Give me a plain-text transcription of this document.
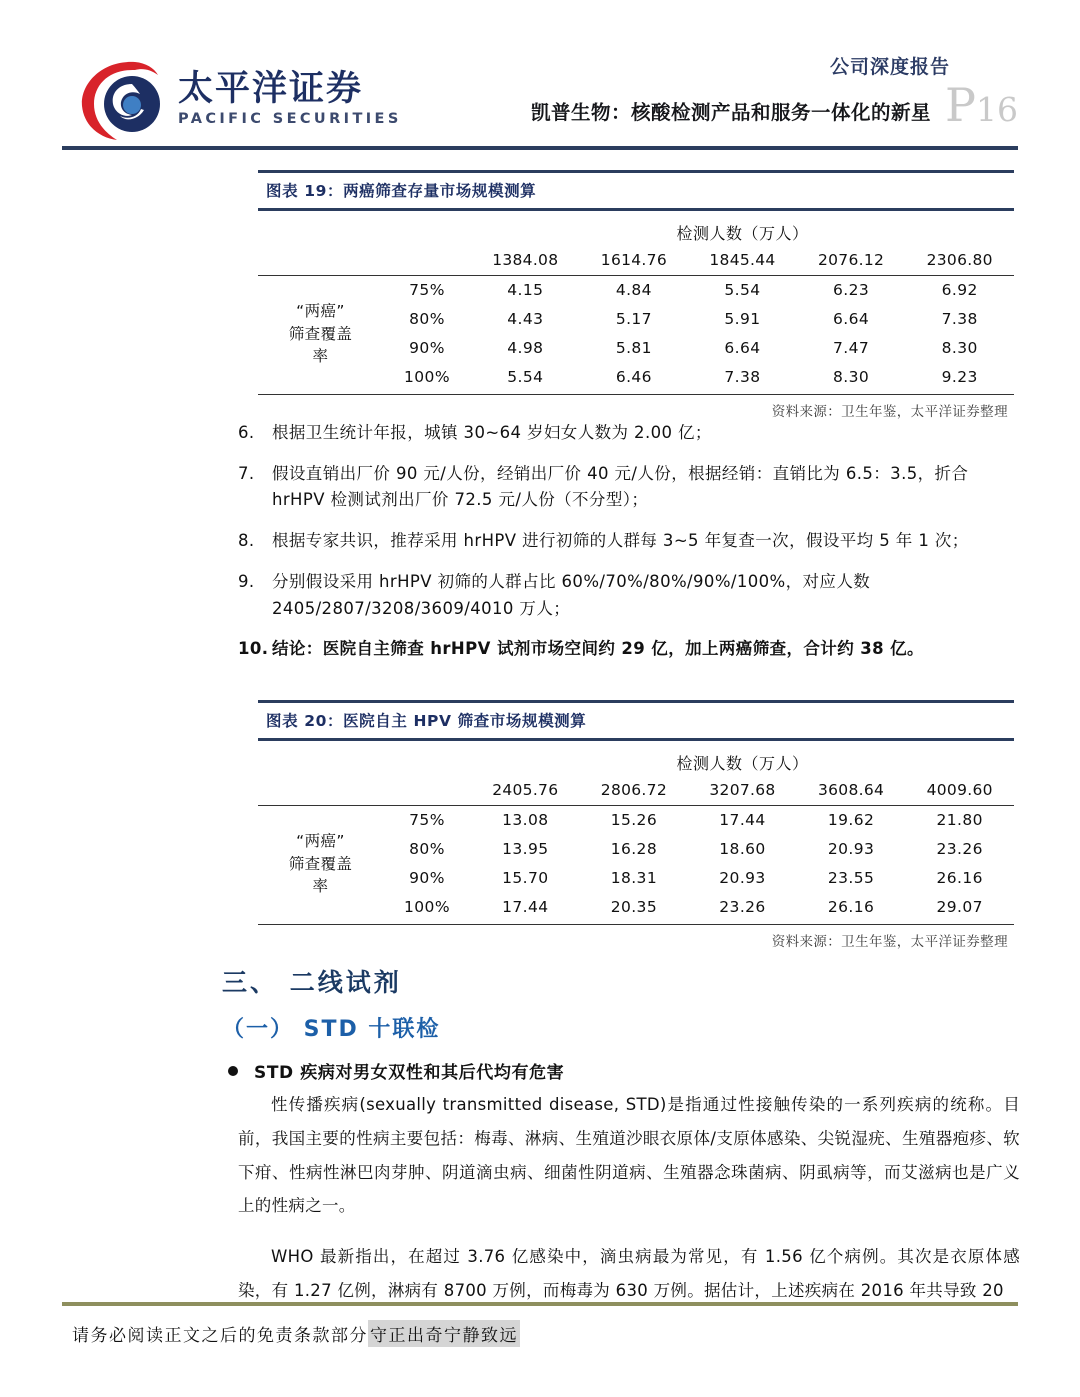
太平洋证券
PACIFIC SECURITIES
公司深度报告
凯普生物：核酸检测产品和服务一体化的新星 P16
图表 19：两癌筛查存量市场规模测算
		检测人数（万人）				
		1384.08	1614.76	1845.44	2076.12	2306.80

“两癌”
筛查覆盖
率	75%	4.15	4.84	5.54	6.23	6.92
	80%	4.43	5.17	5.91	6.64	7.38
	90%	4.98	5.81	6.64	7.47	8.30
	100%	5.54	6.46	7.38	8.30	9.23
资料来源：卫生年鉴，太平洋证券整理
6.	根据卫生统计年报，城镇 30~64 岁妇女人数为 2.00 亿；
7.	假设直销出厂价 90 元/人份，经销出厂价 40 元/人份，根据经销：直销比为 6.5：3.5，折合 hrHPV 检测试剂出厂价 72.5 元/人份（不分型）；
8.	根据专家共识，推荐采用 hrHPV 进行初筛的人群每 3~5 年复查一次，假设平均 5 年 1 次；
9.	分别假设采用 hrHPV 初筛的人群占比 60%/70%/80%/90%/100%，对应人数 2405/2807/3208/3609/4010 万人；
10. 结论：医院自主筛查 hrHPV 试剂市场空间约 29 亿，加上两癌筛查，合计约 38 亿。
图表 20：医院自主 HPV 筛查市场规模测算
		检测人数（万人）				
		2405.76	2806.72	3207.68	3608.64	4009.60

“两癌”
筛查覆盖
率	75%	13.08	15.26	17.44	19.62	21.80
	80%	13.95	16.28	18.60	20.93	23.26
	90%	15.70	18.31	20.93	23.55	26.16
	100%	17.44	20.35	23.26	26.16	29.07
资料来源：卫生年鉴，太平洋证券整理
三、 二线试剂
（一） STD 十联检
STD 疾病对男女双性和其后代均有危害
性传播疾病(sexually transmitted disease, STD)是指通过性接触传染的一系列疾病的统称。目前，我国主要的性病主要包括：梅毒、淋病、生殖道沙眼衣原体/支原体感染、尖锐湿疣、生殖器疱疹、软下疳、性病性淋巴肉芽肿、阴道滴虫病、细菌性阴道病、生殖器念珠菌病、阴虱病等，而艾滋病也是广义上的性病之一。
WHO 最新指出，在超过 3.76 亿感染中，滴虫病最为常见，有 1.56 亿个病例。其次是衣原体感染，有 1.27 亿例，淋病有 8700 万例，而梅毒为 630 万例。据估计，上述疾病在 2016 年共导致 20
请务必阅读正文之后的免责条款部分 守正出奇宁静致远
